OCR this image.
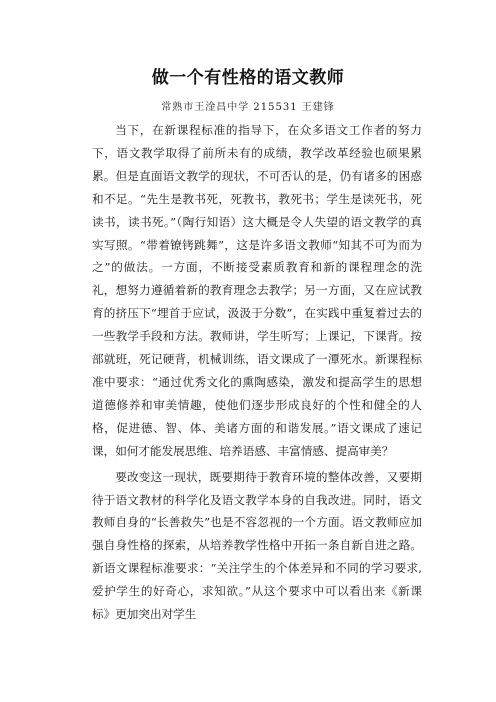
做一个有性格的语文教师
常熟市王淦昌中学 215531 王建锋

当下，在新课程标准的指导下，在众多语文工作者的努力下，语文教学取得了前所未有的成绩，教学改革经验也硕果累累。但是直面语文教学的现状，不可否认的是，仍有诸多的困惑和不足。“先生是教书死，死教书，教死书；学生是读死书，死读书，读书死。”（陶行知语）这大概是令人失望的语文教学的真实写照。“带着镣铐跳舞”，这是许多语文教师“知其不可为而为之”的做法。一方面，不断接受素质教育和新的课程理念的洗礼，想努力遵循着新的教育理念去教学；另一方面，又在应试教育的挤压下“埋首于应试，汲汲于分数”，在实践中重复着过去的一些教学手段和方法。教师讲，学生听写；上课记，下课背。按部就班，死记硬背，机械训练，语文课成了一潭死水。新课程标准中要求：“通过优秀文化的熏陶感染，激发和提高学生的思想道德修养和审美情趣，使他们逐步形成良好的个性和健全的人格，促进德、智、体、美诸方面的和谐发展。”语文课成了速记课，如何才能发展思维、培养语感、丰富情感、提高审美？

要改变这一现状，既要期待于教育环境的整体改善，又要期待于语文教材的科学化及语文教学本身的自我改进。同时，语文教师自身的“长善救失”也是不容忽视的一个方面。语文教师应加强自身性格的探索，从培养教学性格中开拓一条自新自进之路。新语文课程标准要求：“关注学生的个体差异和不同的学习要求,爱护学生的好奇心，求知欲。”从这个要求中可以看出来《新课标》更加突出对学生
